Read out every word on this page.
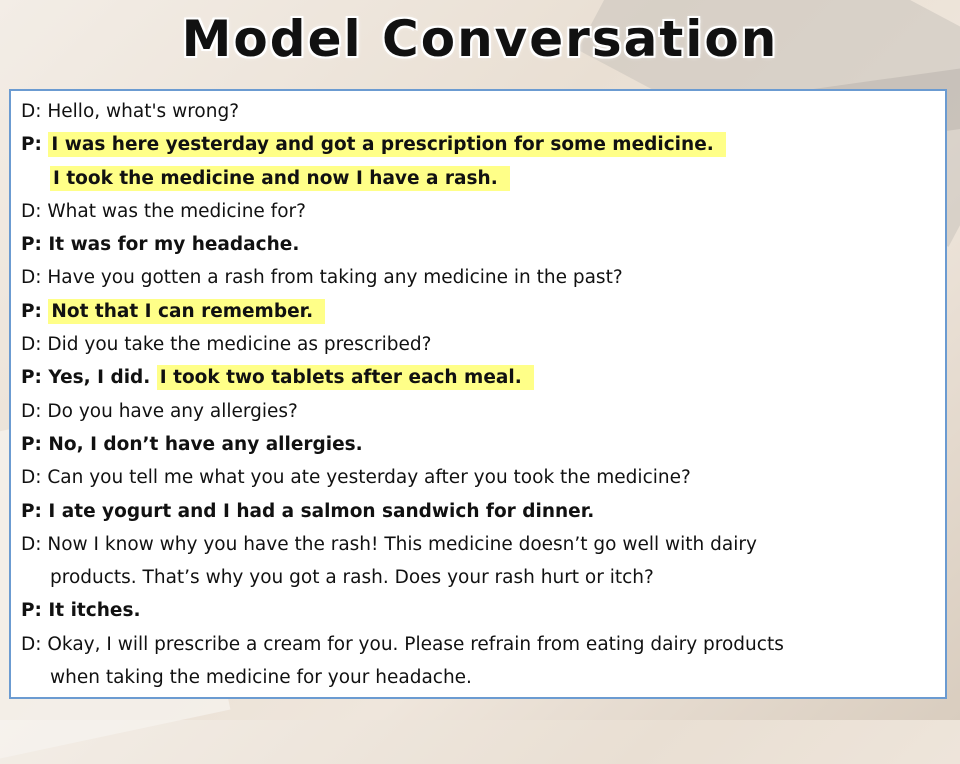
Model Conversation
D: Hello, what's wrong?
P: I was here yesterday and got a prescription for some medicine.
I took the medicine and now I have a rash.
D: What was the medicine for?
P: It was for my headache.
D: Have you gotten a rash from taking any medicine in the past?
P: Not that I can remember.
D: Did you take the medicine as prescribed?
P: Yes, I did. I took two tablets after each meal.
D: Do you have any allergies?
P: No, I don’t have any allergies.
D: Can you tell me what you ate yesterday after you took the medicine?
P: I ate yogurt and I had a salmon sandwich for dinner.
D: Now I know why you have the rash! This medicine doesn’t go well with dairy
products. That’s why you got a rash. Does your rash hurt or itch?
P: It itches.
D: Okay, I will prescribe a cream for you. Please refrain from eating dairy products
when taking the medicine for your headache.
